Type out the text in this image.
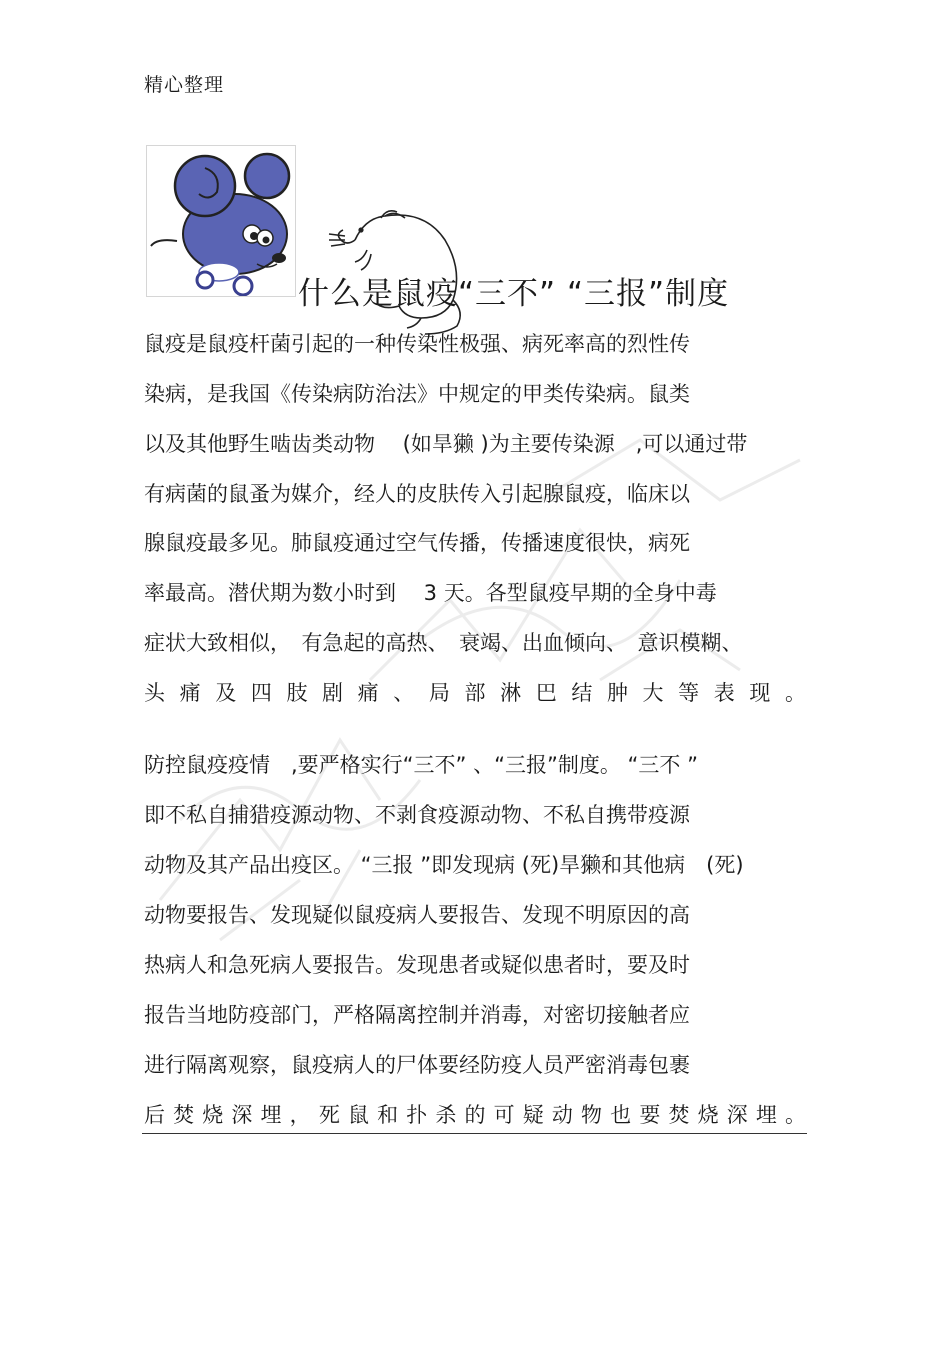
精心整理
什么是鼠疫“三不” “三报”制度
鼠疫是鼠疫杆菌引起的一种传染性极强、病死率高的烈性传
染病，是我国《传染病防治法》中规定的甲类传染病。鼠类
以及其他野生啮齿类动物　 (如旱獭 )为主要传染源　,可以通过带
有病菌的鼠蚤为媒介，经人的皮肤传入引起腺鼠疫，临床以
腺鼠疫最多见。肺鼠疫通过空气传播，传播速度很快，病死
率最高。潜伏期为数小时到　 3 天。各型鼠疫早期的全身中毒
症状大致相似，　有急起的高热、　衰竭、出血倾向、　意识模糊、
头痛及四肢剧痛、局部淋巴结肿大等表现。
防控鼠疫疫情　,要严格实行“三不” 、“三报”制度。 “三不 ”
即不私自捕猎疫源动物、不剥食疫源动物、不私自携带疫源
动物及其产品出疫区。 “三报 ”即发现病 (死)旱獭和其他病　(死)
动物要报告、发现疑似鼠疫病人要报告、发现不明原因的高
热病人和急死病人要报告。发现患者或疑似患者时，要及时
报告当地防疫部门，严格隔离控制并消毒，对密切接触者应
进行隔离观察，鼠疫病人的尸体要经防疫人员严密消毒包裹
后焚烧深埋，死鼠和扑杀的可疑动物也要焚烧深埋。
